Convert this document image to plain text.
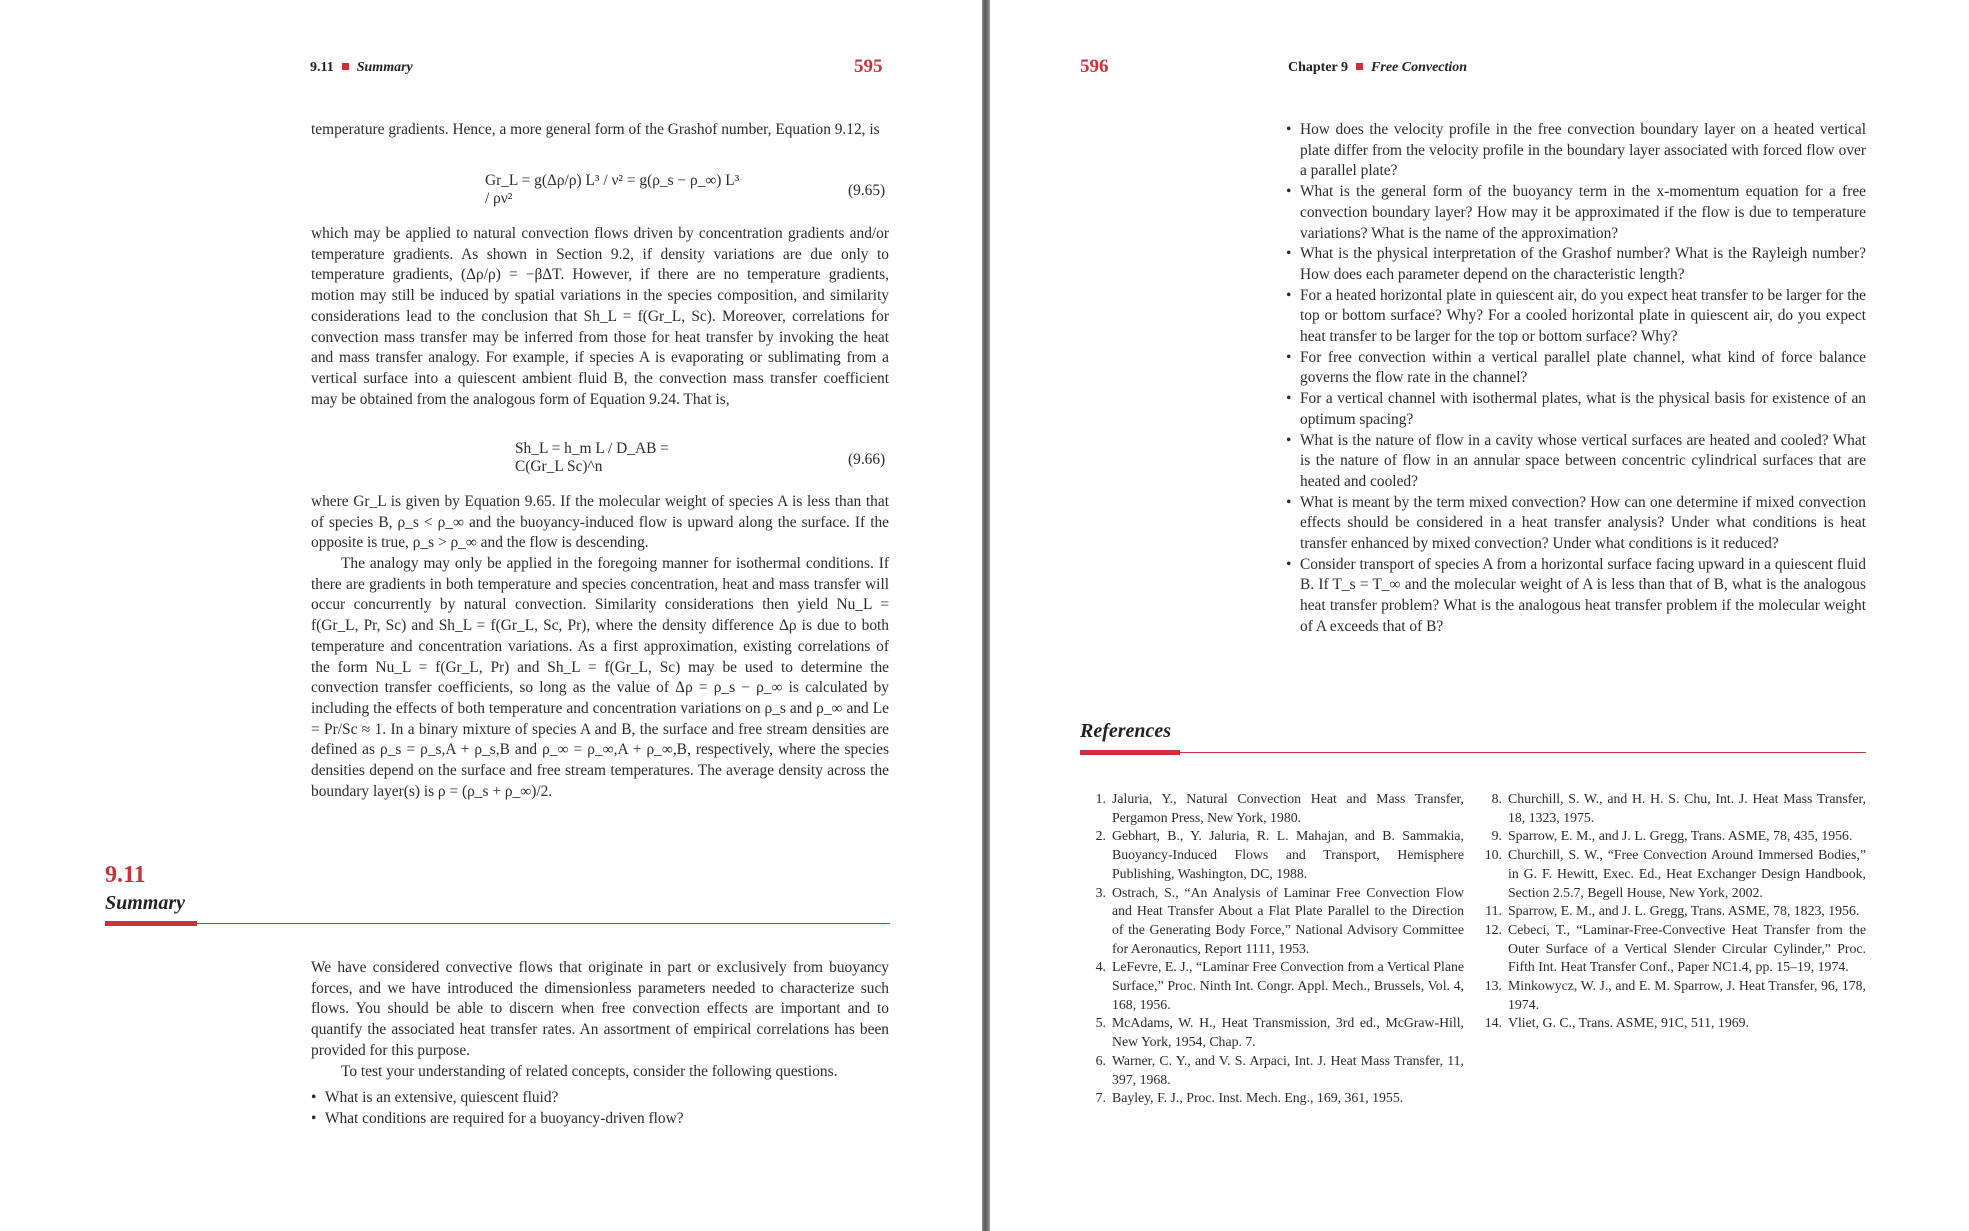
9.11 Summary	595
temperature gradients. Hence, a more general form of the Grashof number, Equation 9.12, is
Gr_L = g(Δρ/ρ) L³ / ν² = g(ρ_s − ρ_∞) L³ / ρν²	(9.65)
which may be applied to natural convection flows driven by concentration gradients and/or temperature gradients. As shown in Section 9.2, if density variations are due only to temperature gradients, (Δρ/ρ) = −βΔT. However, if there are no temperature gradients, motion may still be induced by spatial variations in the species composition, and similarity considerations lead to the conclusion that Sh_L = f(Gr_L, Sc). Moreover, correlations for convection mass transfer may be inferred from those for heat transfer by invoking the heat and mass transfer analogy. For example, if species A is evaporating or sublimating from a vertical surface into a quiescent ambient fluid B, the convection mass transfer coefficient may be obtained from the analogous form of Equation 9.24. That is,
Sh_L = h_m L / D_AB = C(Gr_L Sc)^n	(9.66)
where Gr_L is given by Equation 9.65. If the molecular weight of species A is less than that of species B, ρ_s < ρ_∞ and the buoyancy-induced flow is upward along the surface. If the opposite is true, ρ_s > ρ_∞ and the flow is descending.

The analogy may only be applied in the foregoing manner for isothermal conditions. If there are gradients in both temperature and species concentration, heat and mass transfer will occur concurrently by natural convection. Similarity considerations then yield Nu_L = f(Gr_L, Pr, Sc) and Sh_L = f(Gr_L, Sc, Pr), where the density difference Δρ is due to both temperature and concentration variations. As a first approximation, existing correlations of the form Nu_L = f(Gr_L, Pr) and Sh_L = f(Gr_L, Sc) may be used to determine the convection transfer coefficients, so long as the value of Δρ = ρ_s − ρ_∞ is calculated by including the effects of both temperature and concentration variations on ρ_s and ρ_∞ and Le = Pr/Sc ≈ 1. In a binary mixture of species A and B, the surface and free stream densities are defined as ρ_s = ρ_s,A + ρ_s,B and ρ_∞ = ρ_∞,A + ρ_∞,B, respectively, where the species densities depend on the surface and free stream temperatures. The average density across the boundary layer(s) is ρ = (ρ_s + ρ_∞)/2.

9.11
Summary

We have considered convective flows that originate in part or exclusively from buoyancy forces, and we have introduced the dimensionless parameters needed to characterize such flows. You should be able to discern when free convection effects are important and to quantify the associated heat transfer rates. An assortment of empirical correlations has been provided for this purpose.

To test your understanding of related concepts, consider the following questions.

• What is an extensive, quiescent fluid?
• What conditions are required for a buoyancy-driven flow?
596	Chapter 9 Free Convection
• How does the velocity profile in the free convection boundary layer on a heated vertical plate differ from the velocity profile in the boundary layer associated with forced flow over a parallel plate?
• What is the general form of the buoyancy term in the x-momentum equation for a free convection boundary layer? How may it be approximated if the flow is due to temperature variations? What is the name of the approximation?
• What is the physical interpretation of the Grashof number? What is the Rayleigh number? How does each parameter depend on the characteristic length?
• For a heated horizontal plate in quiescent air, do you expect heat transfer to be larger for the top or bottom surface? Why? For a cooled horizontal plate in quiescent air, do you expect heat transfer to be larger for the top or bottom surface? Why?
• For free convection within a vertical parallel plate channel, what kind of force balance governs the flow rate in the channel?
• For a vertical channel with isothermal plates, what is the physical basis for existence of an optimum spacing?
• What is the nature of flow in a cavity whose vertical surfaces are heated and cooled? What is the nature of flow in an annular space between concentric cylindrical surfaces that are heated and cooled?
• What is meant by the term mixed convection? How can one determine if mixed convection effects should be considered in a heat transfer analysis? Under what conditions is heat transfer enhanced by mixed convection? Under what conditions is it reduced?
• Consider transport of species A from a horizontal surface facing upward in a quiescent fluid B. If T_s = T_∞ and the molecular weight of A is less than that of B, what is the analogous heat transfer problem? What is the analogous heat transfer problem if the molecular weight of A exceeds that of B?
References
1. Jaluria, Y., Natural Convection Heat and Mass Transfer, Pergamon Press, New York, 1980.
2. Gebhart, B., Y. Jaluria, R. L. Mahajan, and B. Sammakia, Buoyancy-Induced Flows and Transport, Hemisphere Publishing, Washington, DC, 1988.
3. Ostrach, S., “An Analysis of Laminar Free Convection Flow and Heat Transfer About a Flat Plate Parallel to the Direction of the Generating Body Force,” National Advisory Committee for Aeronautics, Report 1111, 1953.
4. LeFevre, E. J., “Laminar Free Convection from a Vertical Plane Surface,” Proc. Ninth Int. Congr. Appl. Mech., Brussels, Vol. 4, 168, 1956.
5. McAdams, W. H., Heat Transmission, 3rd ed., McGraw-Hill, New York, 1954, Chap. 7.
6. Warner, C. Y., and V. S. Arpaci, Int. J. Heat Mass Transfer, 11, 397, 1968.
7. Bayley, F. J., Proc. Inst. Mech. Eng., 169, 361, 1955.
8. Churchill, S. W., and H. H. S. Chu, Int. J. Heat Mass Transfer, 18, 1323, 1975.
9. Sparrow, E. M., and J. L. Gregg, Trans. ASME, 78, 435, 1956.
10. Churchill, S. W., “Free Convection Around Immersed Bodies,” in G. F. Hewitt, Exec. Ed., Heat Exchanger Design Handbook, Section 2.5.7, Begell House, New York, 2002.
11. Sparrow, E. M., and J. L. Gregg, Trans. ASME, 78, 1823, 1956.
12. Cebeci, T., “Laminar-Free-Convective Heat Transfer from the Outer Surface of a Vertical Slender Circular Cylinder,” Proc. Fifth Int. Heat Transfer Conf., Paper NC1.4, pp. 15–19, 1974.
13. Minkowycz, W. J., and E. M. Sparrow, J. Heat Transfer, 96, 178, 1974.
14. Vliet, G. C., Trans. ASME, 91C, 511, 1969.
